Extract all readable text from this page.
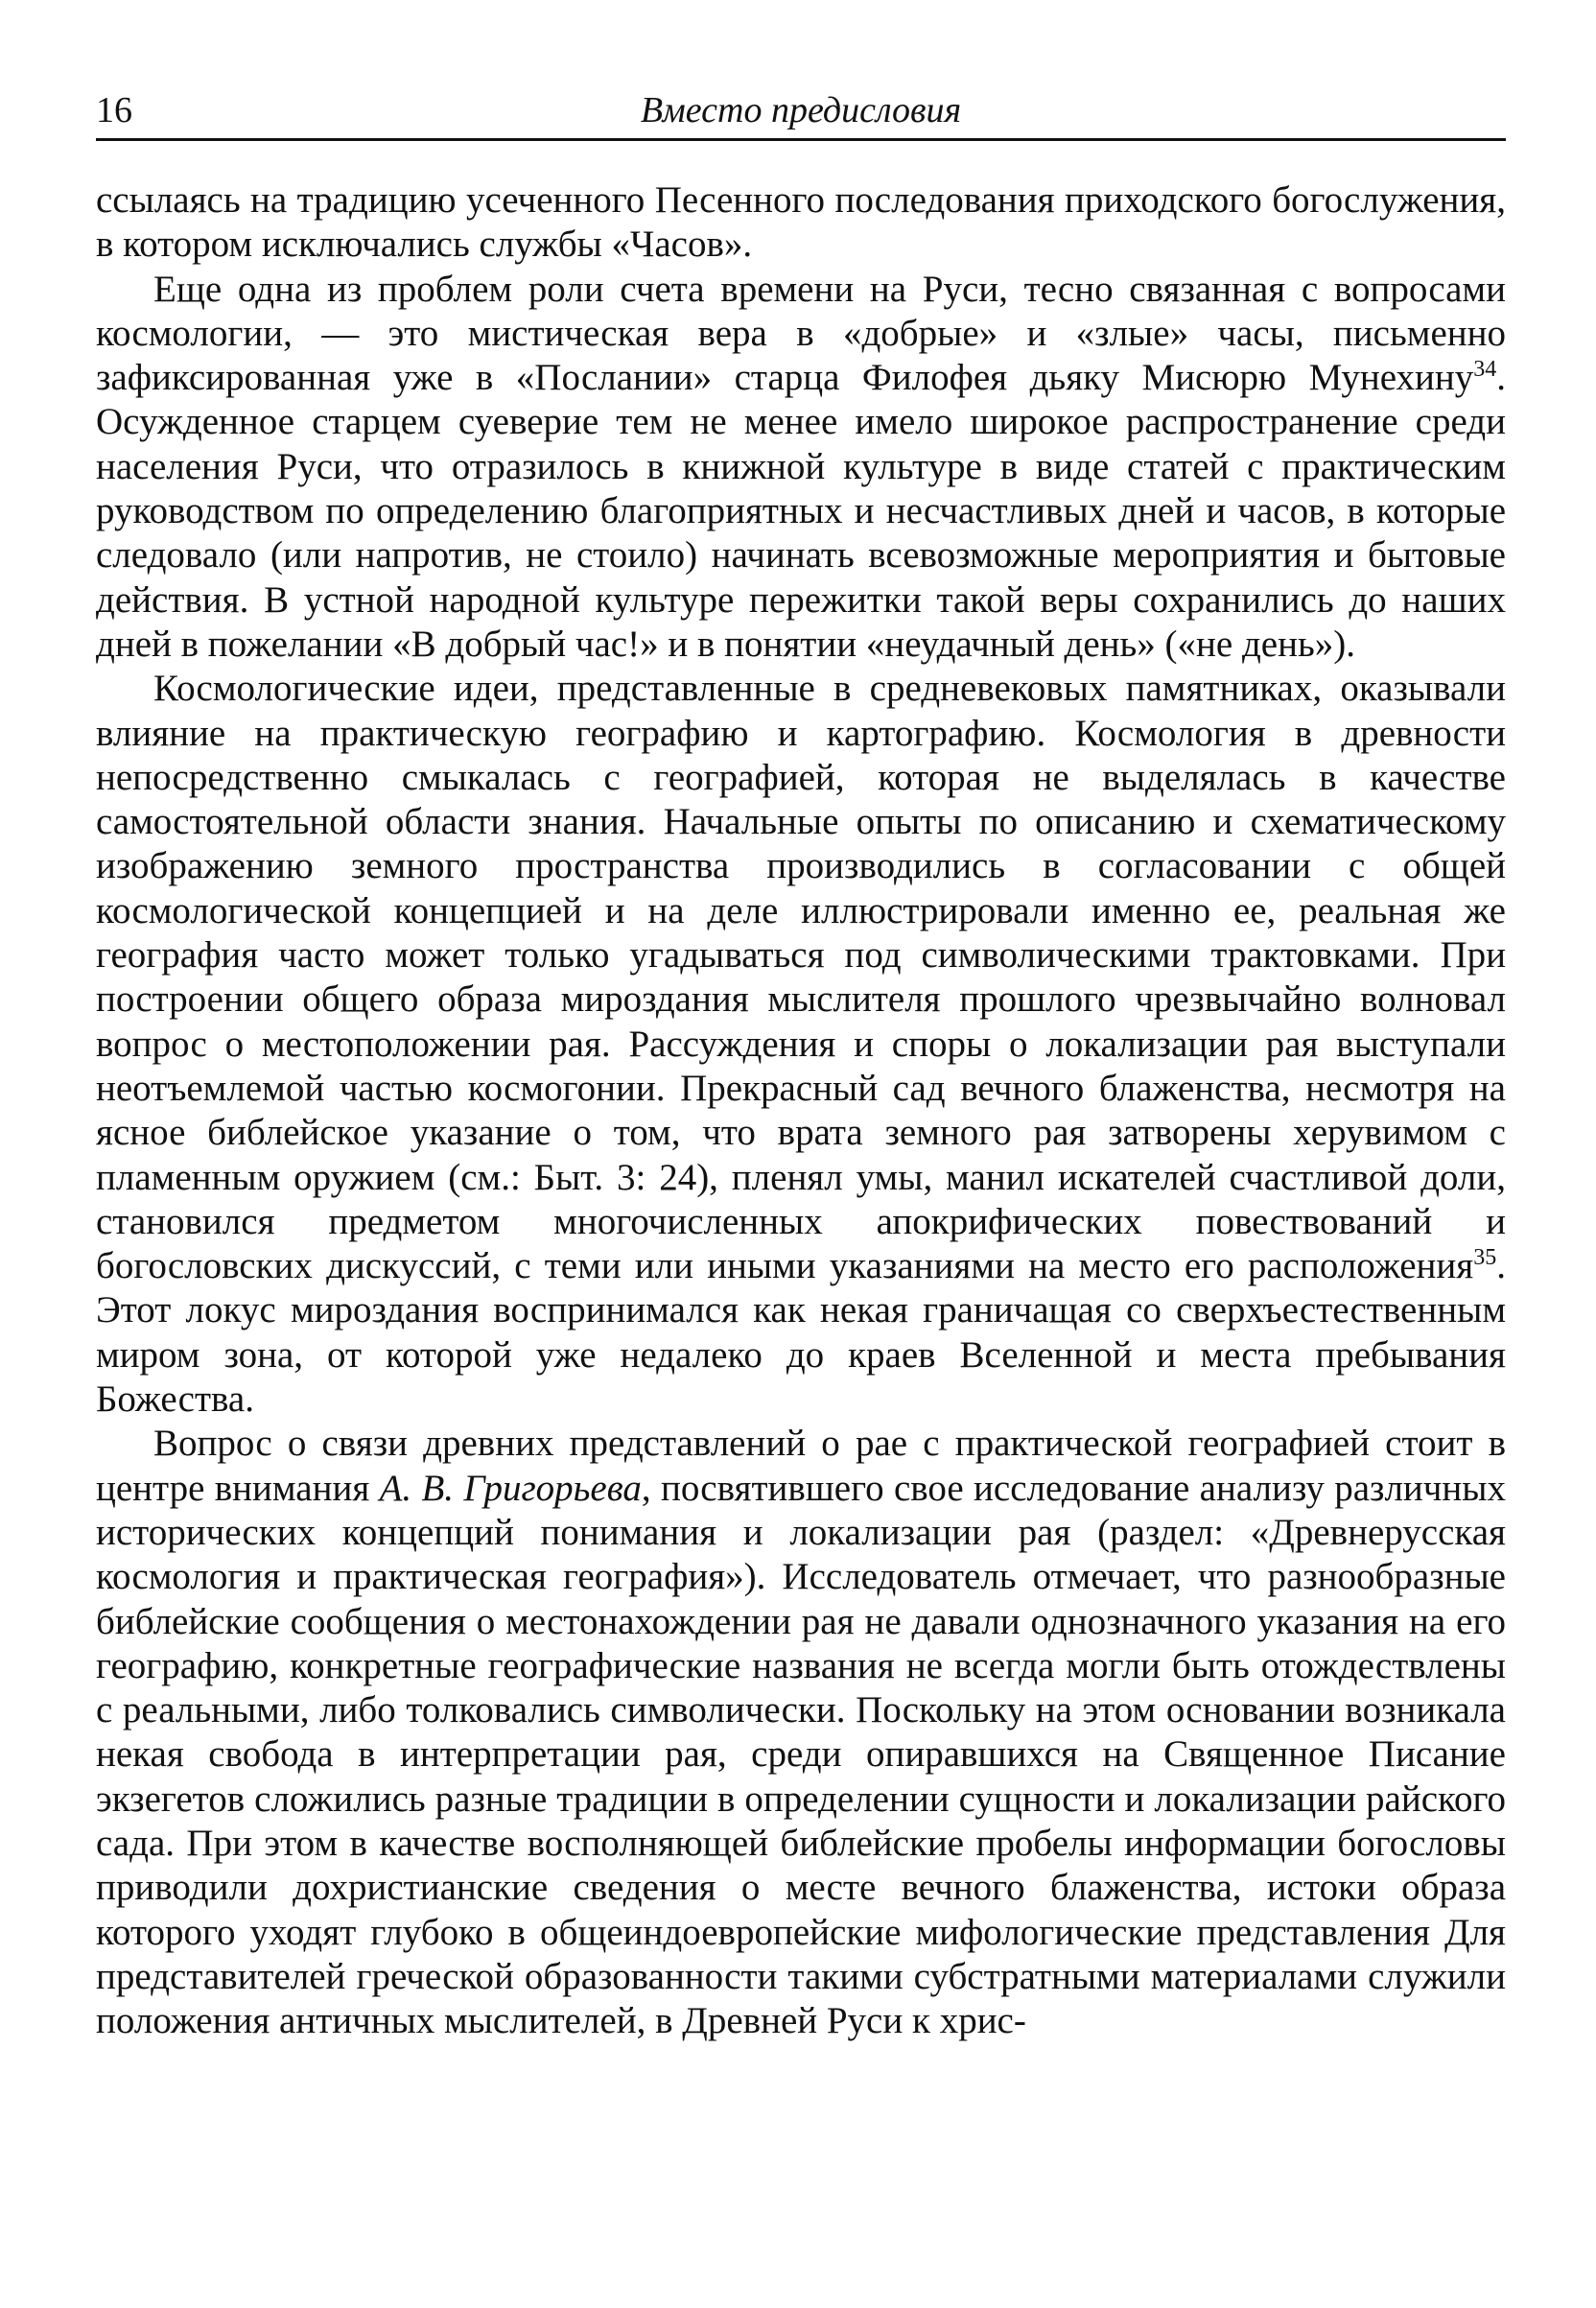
16	Вместо предисловия

ссылаясь на традицию усеченного Песенного последования приходского богослужения, в котором исключались службы «Часов».

Еще одна из проблем роли счета времени на Руси, тесно связанная с вопросами космологии, — это мистическая вера в «добрые» и «злые» часы, письменно зафиксированная уже в «Послании» старца Филофея дьяку Мисюрю Мунехину$^{34}$. Осужденное старцем суеверие тем не менее имело широкое распространение среди населения Руси, что отразилось в книжной культуре в виде статей с практическим руководством по определению благоприятных и несчастливых дней и часов, в которые следовало (или напротив, не стоило) начинать всевозможные мероприятия и бытовые действия. В устной народной культуре пережитки такой веры сохранились до наших дней в пожелании «В добрый час!» и в понятии «неудачный день» («не день»).

Космологические идеи, представленные в средневековых памятниках, оказывали влияние на практическую географию и картографию. Космология в древности непосредственно смыкалась с географией, которая не выделялась в качестве самостоятельной области знания. Начальные опыты по описанию и схематическому изображению земного пространства производились в согласовании с общей космологической концепцией и на деле иллюстрировали именно ее, реальная же география часто может только угадываться под символическими трактовками. При построении общего образа мироздания мыслителя прошлого чрезвычайно волновал вопрос о местоположении рая. Рассуждения и споры о локализации рая выступали неотъемлемой частью космогонии. Прекрасный сад вечного блаженства, несмотря на ясное библейское указание о том, что врата земного рая затворены херувимом с пламенным оружием (см.: Быт. 3: 24), пленял умы, манил искателей счастливой доли, становился предметом многочисленных апокрифических повествований и богословских дискуссий, с теми или иными указаниями на место его расположения$^{35}$. Этот локус мироздания воспринимался как некая граничащая со сверхъестественным миром зона, от которой уже недалеко до краев Вселенной и места пребывания Божества.

Вопрос о связи древних представлений о рае с практической географией стоит в центре внимания А. В. Григорьева, посвятившего свое исследование анализу различных исторических концепций понимания и локализации рая (раздел: «Древнерусская космология и практическая география»). Исследователь отмечает, что разнообразные библейские сообщения о местонахождении рая не давали однозначного указания на его географию, конкретные географические названия не всегда могли быть отождествлены с реальными, либо толковались символически. Поскольку на этом основании возникала некая свобода в интерпретации рая, среди опиравшихся на Священное Писание экзегетов сложились разные традиции в определении сущности и локализации райского сада. При этом в качестве восполняющей библейские пробелы информации богословы приводили дохристианские сведения о месте вечного блаженства, истоки образа которого уходят глубоко в общеиндоевропейские мифологические представления Для представителей греческой образованности такими субстратными материалами служили положения античных мыслителей, в Древней Руси к хрис-
